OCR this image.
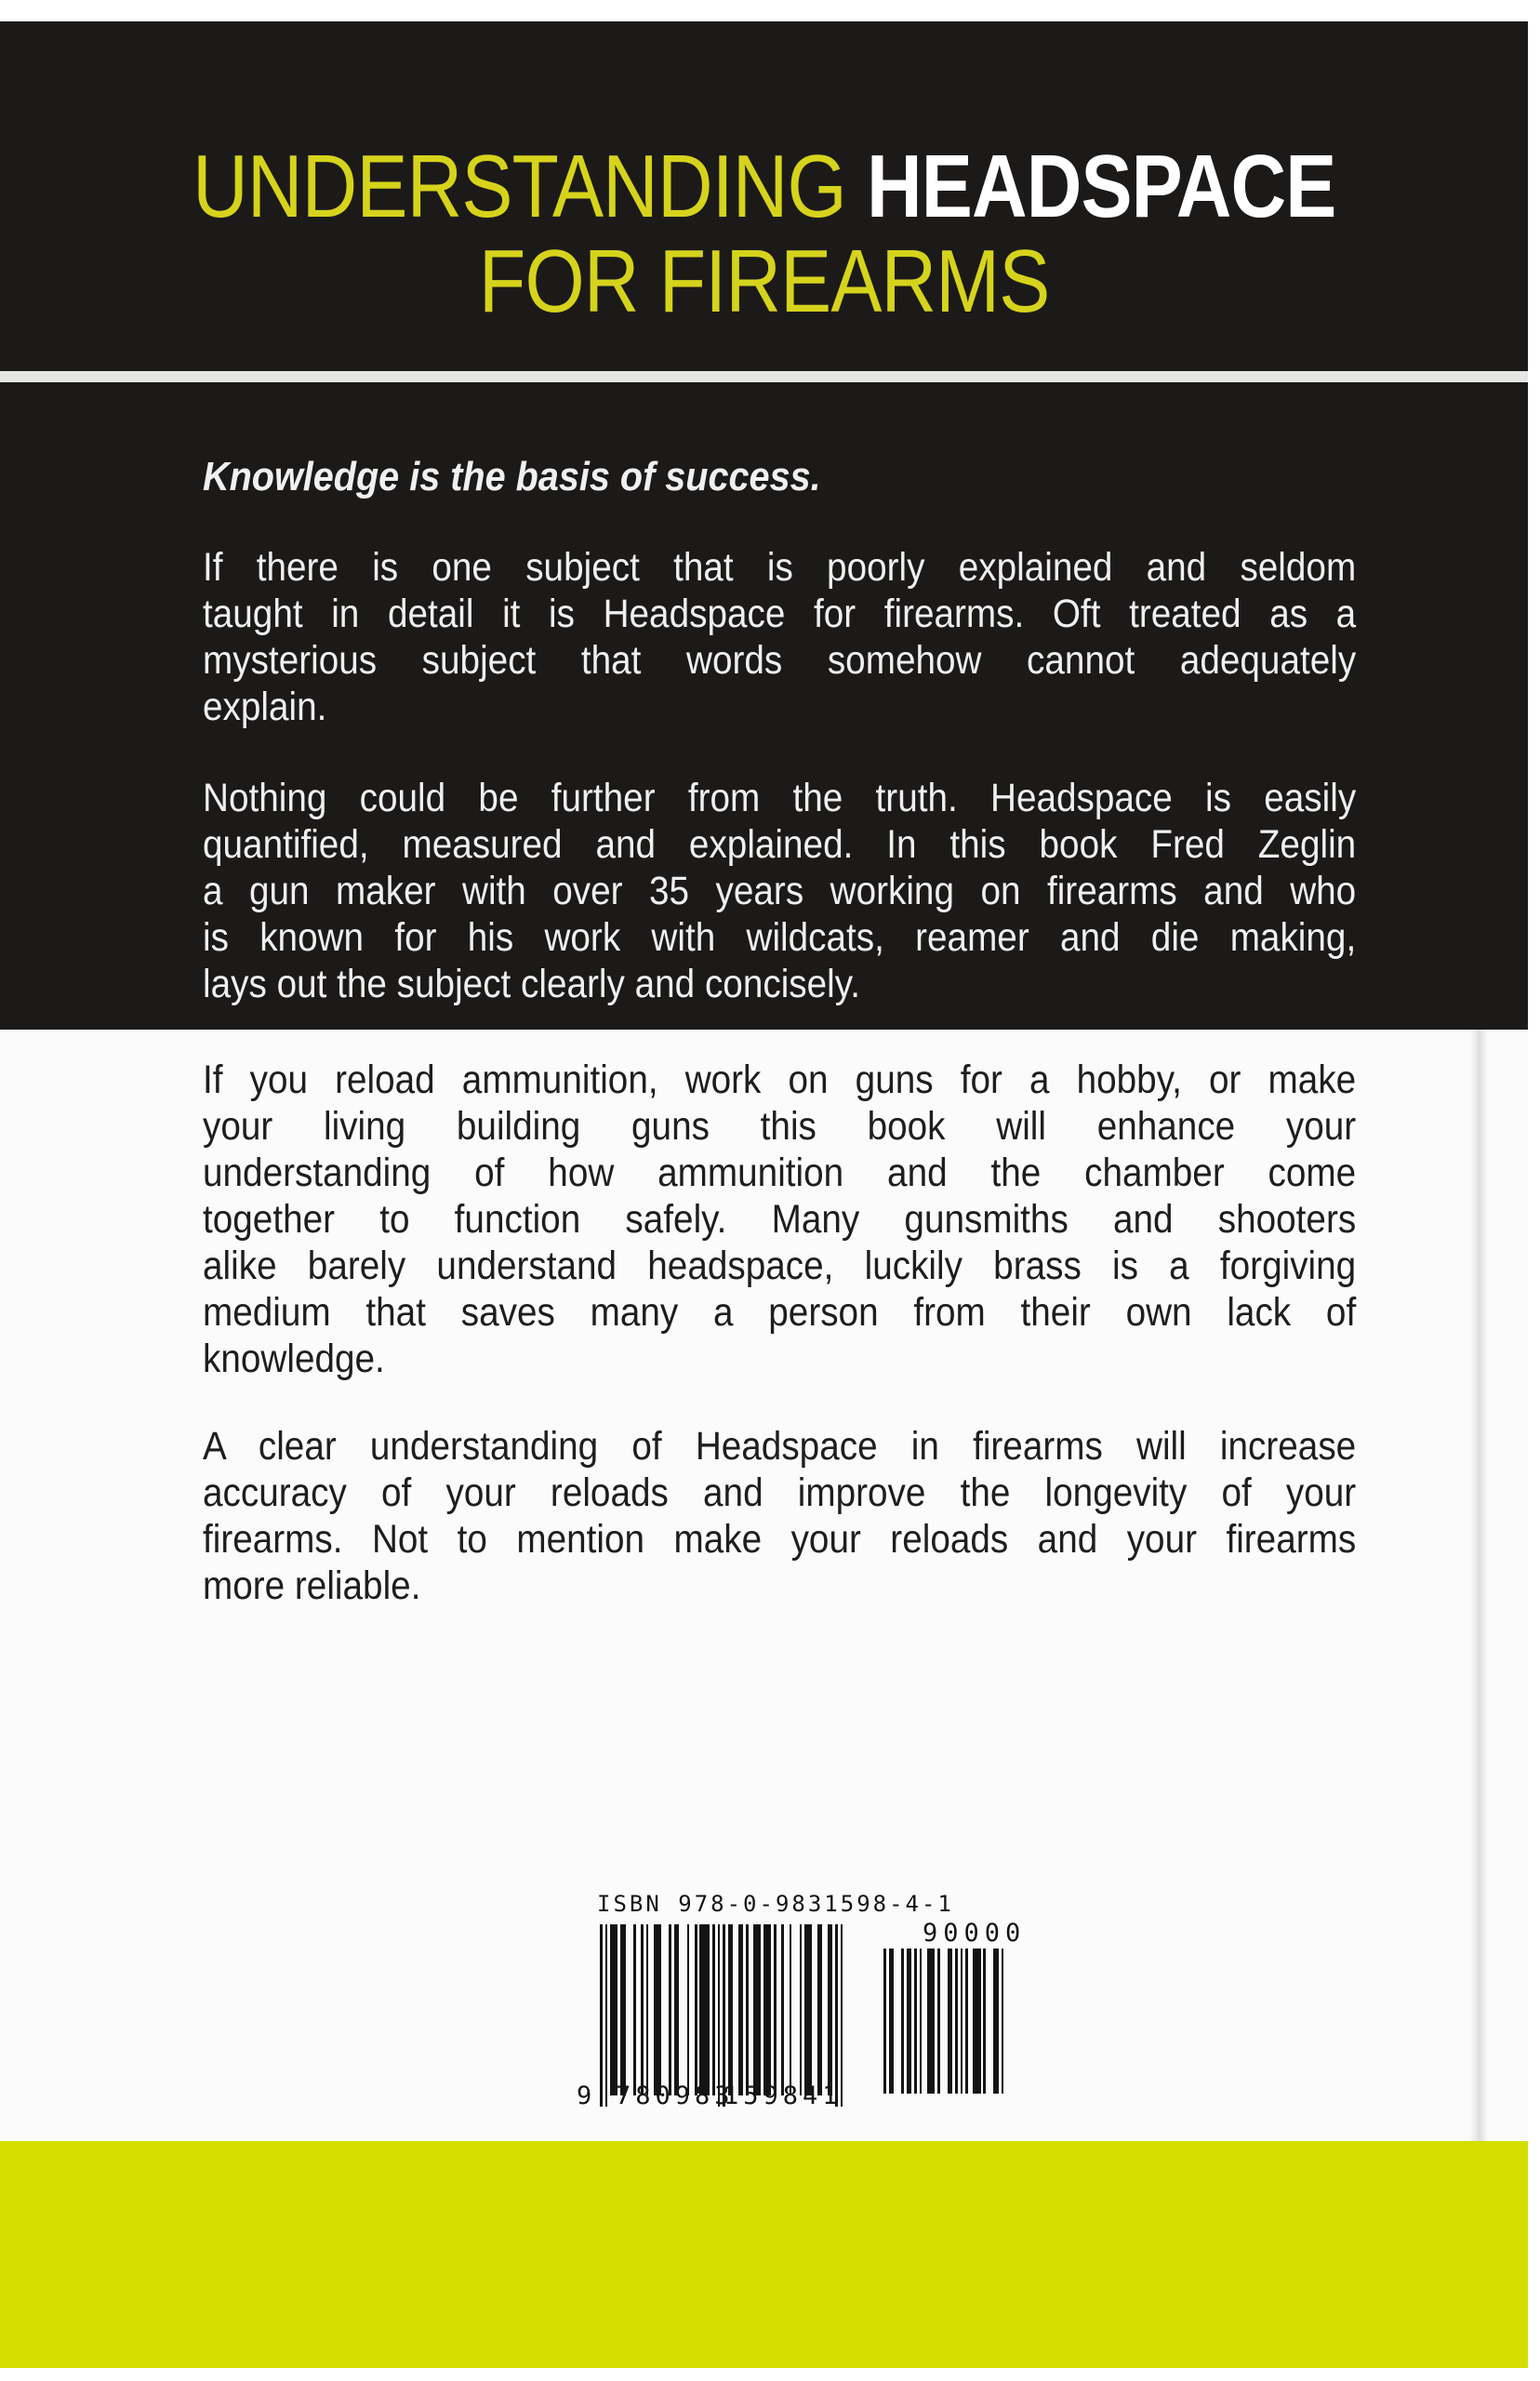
UNDERSTANDING HEADSPACE
FOR FIREARMS
Knowledge is the basis of success.
If there is one subject that is poorly explained and seldom
taught in detail it is Headspace for firearms. Oft treated as a
mysterious subject that words somehow cannot adequately
explain.
Nothing could be further from the truth. Headspace is easily
quantified, measured and explained. In this book Fred Zeglin
a gun maker with over 35 years working on firearms and who
is known for his work with wildcats, reamer and die making,
lays out the subject clearly and concisely.
If you reload ammunition, work on guns for a hobby, or make
your living building guns this book will enhance your
understanding of how ammunition and the chamber come
together to function safely. Many gunsmiths and shooters
alike barely understand headspace, luckily brass is a forgiving
medium that saves many a person from their own lack of
knowledge.
A clear understanding of Headspace in firearms will increase
accuracy of your reloads and improve the longevity of your
firearms. Not to mention make your reloads and your firearms
more reliable.
ISBN 978-0-9831598-4-1
90000
9 780983
159841
